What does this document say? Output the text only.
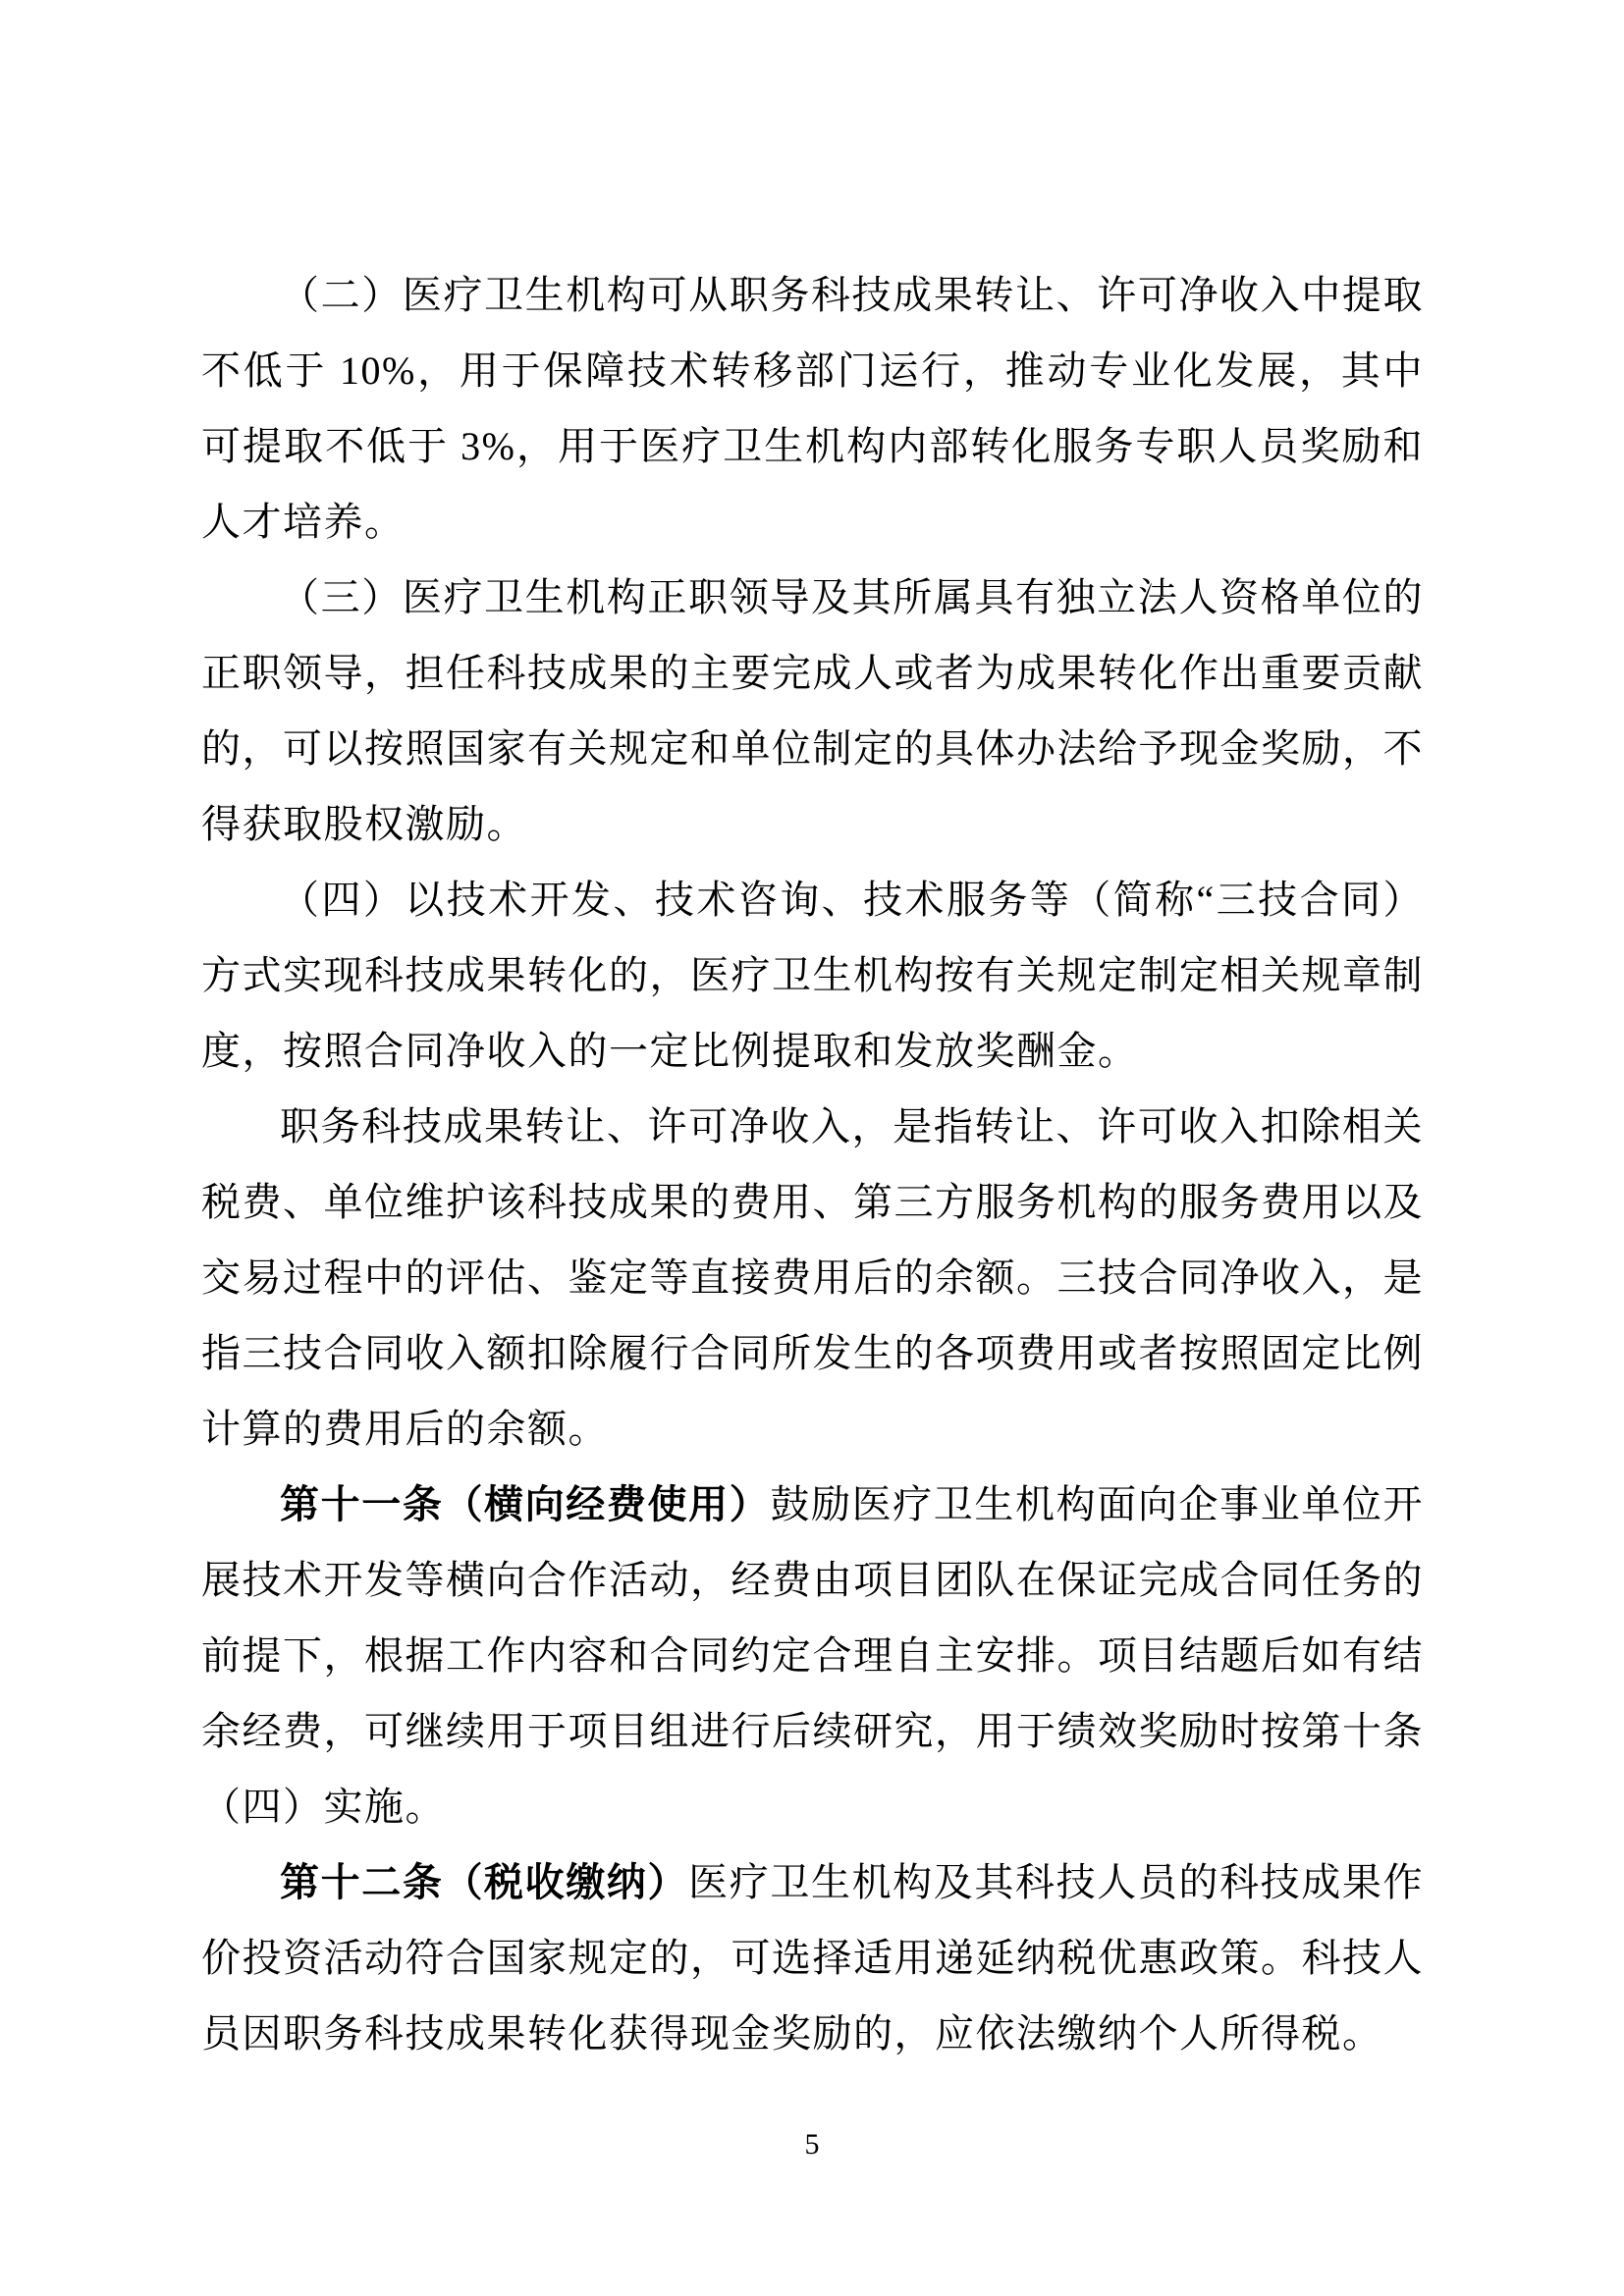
（二）医疗卫生机构可从职务科技成果转让、许可净收入中提取不低于 10%，用于保障技术转移部门运行，推动专业化发展，其中可提取不低于 3%，用于医疗卫生机构内部转化服务专职人员奖励和人才培养。

（三）医疗卫生机构正职领导及其所属具有独立法人资格单位的正职领导，担任科技成果的主要完成人或者为成果转化作出重要贡献的，可以按照国家有关规定和单位制定的具体办法给予现金奖励，不得获取股权激励。

（四）以技术开发、技术咨询、技术服务等（简称“三技合同）方式实现科技成果转化的，医疗卫生机构按有关规定制定相关规章制度，按照合同净收入的一定比例提取和发放奖酬金。

职务科技成果转让、许可净收入，是指转让、许可收入扣除相关税费、单位维护该科技成果的费用、第三方服务机构的服务费用以及交易过程中的评估、鉴定等直接费用后的余额。三技合同净收入，是指三技合同收入额扣除履行合同所发生的各项费用或者按照固定比例计算的费用后的余额。

第十一条（横向经费使用）鼓励医疗卫生机构面向企事业单位开展技术开发等横向合作活动，经费由项目团队在保证完成合同任务的前提下，根据工作内容和合同约定合理自主安排。项目结题后如有结余经费，可继续用于项目组进行后续研究，用于绩效奖励时按第十条（四）实施。

第十二条（税收缴纳）医疗卫生机构及其科技人员的科技成果作价投资活动符合国家规定的，可选择适用递延纳税优惠政策。科技人员因职务科技成果转化获得现金奖励的，应依法缴纳个人所得税。

5
